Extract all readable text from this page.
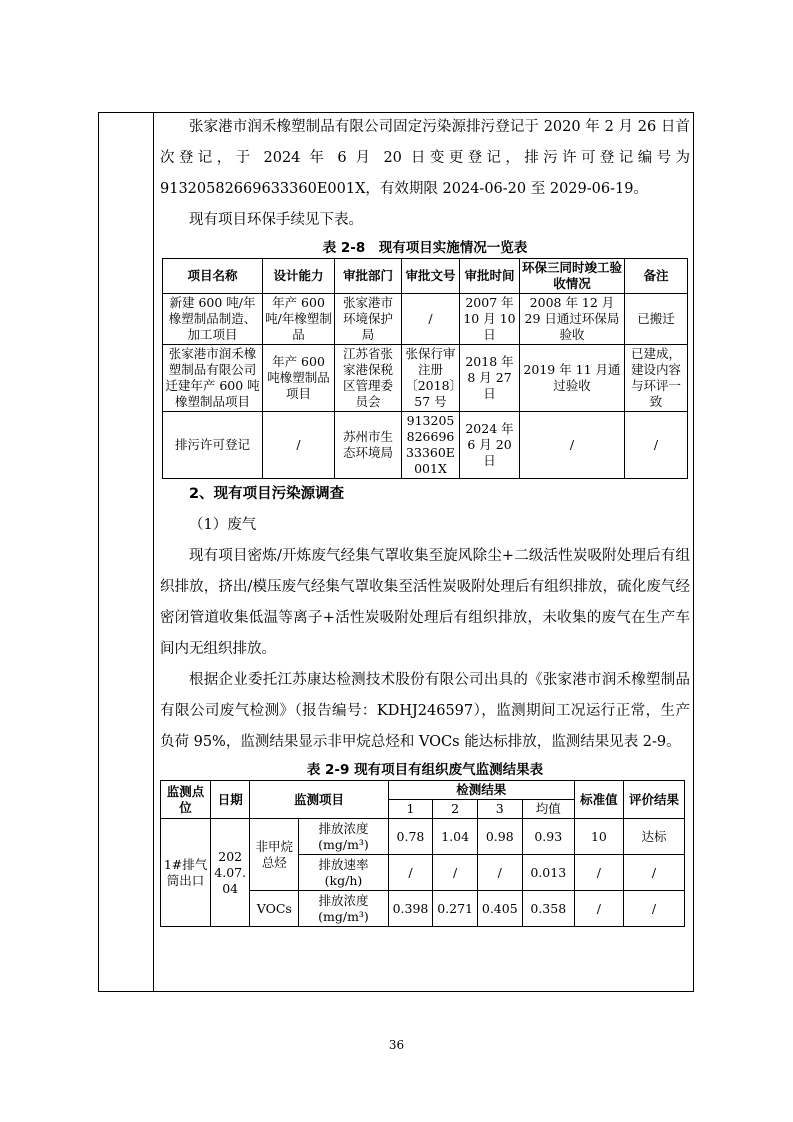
张家港市润禾橡塑制品有限公司固定污染源排污登记于 2020 年 2 月 26 日首次登记，于 2024 年 6 月 20 日变更登记，排污许可登记编号为 91320582669633360E001X，有效期限 2024-06-20 至 2029-06-19。

现有项目环保手续见下表。

表 2-8　现有项目实施情况一览表
项目名称	设计能力	审批部门	审批文号	审批时间	环保三同时竣工验收情况	备注
新建 600 吨/年橡塑制品制造、加工项目	年产 600 吨/年橡塑制品	张家港市环境保护局	/	2007 年 10 月 10 日	2008 年 12 月 29 日通过环保局验收	已搬迁
张家港市润禾橡塑制品有限公司迁建年产 600 吨橡塑制品项目	年产 600 吨橡塑制品项目	江苏省张家港保税区管理委员会	张保行审注册〔2018〕57 号	2018 年 8 月 27 日	2019 年 11 月通过验收	已建成，建设内容与环评一致
排污许可登记	/	苏州市生态环境局	91320582669633360E001X	2024 年 6 月 20 日	/	/

2、现有项目污染源调查

（1）废气

现有项目密炼/开炼废气经集气罩收集至旋风除尘+二级活性炭吸附处理后有组织排放，挤出/模压废气经集气罩收集至活性炭吸附处理后有组织排放，硫化废气经密闭管道收集低温等离子+活性炭吸附处理后有组织排放，未收集的废气在生产车间内无组织排放。

根据企业委托江苏康达检测技术股份有限公司出具的《张家港市润禾橡塑制品有限公司废气检测》（报告编号：KDHJ246597），监测期间工况运行正常，生产负荷 95%，监测结果显示非甲烷总烃和 VOCs 能达标排放，监测结果见表 2-9。

表 2-9 现有项目有组织废气监测结果表
监测点位	日期	监测项目		检测结果				标准值	评价结果
				1	2	3	均值		
1#排气筒出口	2024.07.04	非甲烷总烃	排放浓度(mg/m³)	0.78	1.04	0.98	0.93	10	达标
			排放速率(kg/h)	/	/	/	0.013	/	/
		VOCs	排放浓度(mg/m³)	0.398	0.271	0.405	0.358	/	/
36
